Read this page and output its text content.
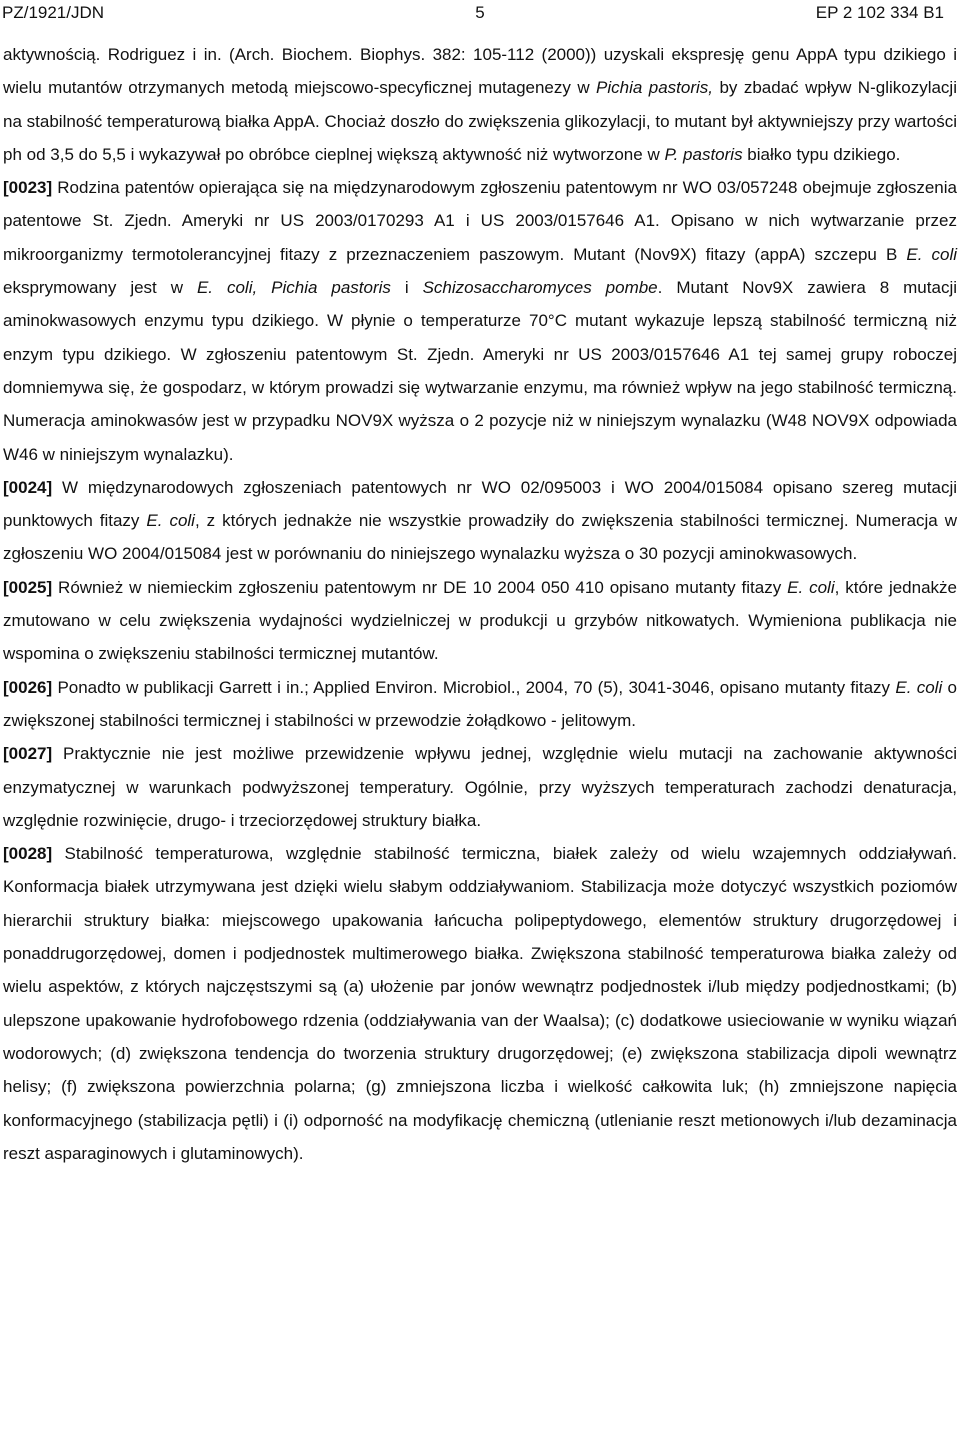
PZ/1921/JDN	5	EP 2 102 334 B1

aktywnością. Rodriguez i in. (Arch. Biochem. Biophys. 382: 105-112 (2000)) uzyskali ekspresję genu AppA typu dzikiego i wielu mutantów otrzymanych metodą miejscowo-specyficznej mutagenezy w Pichia pastoris, by zbadać wpływ N-glikozylacji na stabilność temperaturową białka AppA. Chociaż doszło do zwiększenia glikozylacji, to mutant był aktywniejszy przy wartości ph od 3,5 do 5,5 i wykazywał po obróbce cieplnej większą aktywność niż wytworzone w P. pastoris białko typu dzikiego.

[0023] Rodzina patentów opierająca się na międzynarodowym zgłoszeniu patentowym nr WO 03/057248 obejmuje zgłoszenia patentowe St. Zjedn. Ameryki nr US 2003/0170293 A1 i US 2003/0157646 A1. Opisano w nich wytwarzanie przez mikroorganizmy termotolerancyjnej fitazy z przeznaczeniem paszowym. Mutant (Nov9X) fitazy (appA) szczepu B E. coli eksprymowany jest w E. coli, Pichia pastoris i Schizosaccharomyces pombe. Mutant Nov9X zawiera 8 mutacji aminokwasowych enzymu typu dzikiego. W płynie o temperaturze 70°C mutant wykazuje lepszą stabilność termiczną niż enzym typu dzikiego. W zgłoszeniu patentowym St. Zjedn. Ameryki nr US 2003/0157646 A1 tej samej grupy roboczej domniemywa się, że gospodarz, w którym prowadzi się wytwarzanie enzymu, ma również wpływ na jego stabilność termiczną. Numeracja aminokwasów jest w przypadku NOV9X wyższa o 2 pozycje niż w niniejszym wynalazku (W48 NOV9X odpowiada W46 w niniejszym wynalazku).

[0024] W międzynarodowych zgłoszeniach patentowych nr WO 02/095003 i WO 2004/015084 opisano szereg mutacji punktowych fitazy E. coli, z których jednakże nie wszystkie prowadziły do zwiększenia stabilności termicznej. Numeracja w zgłoszeniu WO 2004/015084 jest w porównaniu do niniejszego wynalazku wyższa o 30 pozycji aminokwasowych.

[0025] Również w niemieckim zgłoszeniu patentowym nr DE 10 2004 050 410 opisano mutanty fitazy E. coli, które jednakże zmutowano w celu zwiększenia wydajności wydzielniczej w produkcji u grzybów nitkowatych. Wymieniona publikacja nie wspomina o zwiększeniu stabilności termicznej mutantów.

[0026] Ponadto w publikacji Garrett i in.; Applied Environ. Microbiol., 2004, 70 (5), 3041-3046, opisano mutanty fitazy E. coli o zwiększonej stabilności termicznej i stabilności w przewodzie żołądkowo - jelitowym.

[0027] Praktycznie nie jest możliwe przewidzenie wpływu jednej, względnie wielu mutacji na zachowanie aktywności enzymatycznej w warunkach podwyższonej temperatury. Ogólnie, przy wyższych temperaturach zachodzi denaturacja, względnie rozwinięcie, drugo- i trzeciorzędowej struktury białka.

[0028] Stabilność temperaturowa, względnie stabilność termiczna, białek zależy od wielu wzajemnych oddziaływań. Konformacja białek utrzymywana jest dzięki wielu słabym oddziaływaniom. Stabilizacja może dotyczyć wszystkich poziomów hierarchii struktury białka: miejscowego upakowania łańcucha polipeptydowego, elementów struktury drugorzędowej i ponaddrugorzędowej, domen i podjednostek multimerowego białka. Zwiększona stabilność temperaturowa białka zależy od wielu aspektów, z których najczęstszymi są (a) ułożenie par jonów wewnątrz podjednostek i/lub między podjednostkami; (b) ulepszone upakowanie hydrofobowego rdzenia (oddziaływania van der Waalsa); (c) dodatkowe usieciowanie w wyniku wiązań wodorowych; (d) zwiększona tendencja do tworzenia struktury drugorzędowej; (e) zwiększona stabilizacja dipoli wewnątrz helisy; (f) zwiększona powierzchnia polarna; (g) zmniejszona liczba i wielkość całkowita luk; (h) zmniejszone napięcia konformacyjnego (stabilizacja pętli) i (i) odporność na modyfikację chemiczną (utlenianie reszt metionowych i/lub dezaminacja reszt asparaginowych i glutaminowych).
